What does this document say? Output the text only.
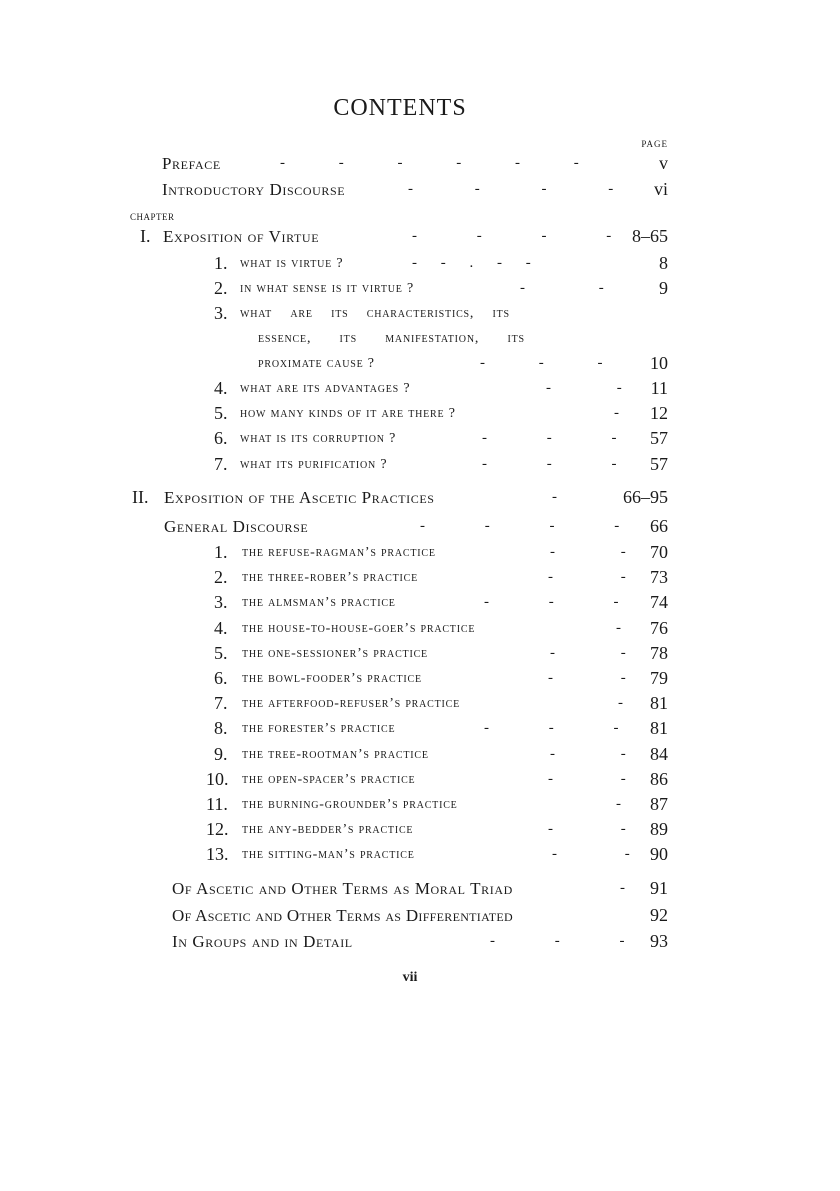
CONTENTS
PAGE
CHAPTER
Preface	- - - - - -	v
Introductory Discourse	- - - -	vi
I. Exposition of Virtue	- - - -	8–65
1. what is virtue ?	- - . - -	8
2. in what sense is it virtue ?	- -	9
3. what are its characteristics, its
essence, its manifestation, its
proximate cause ?	- - -	10
4. what are its advantages ?	- -	11
5. how many kinds of it are there ?	-	12
6. what is its corruption ?	- - -	57
7. what its purification ?	- - -	57
II. Exposition of the Ascetic Practices	-	66–95
General Discourse	- - - -	66
1. the refuse-ragman’s practice	- -	70
2. the three-rober’s practice	- -	73
3. the almsman’s practice	- - -	74
4. the house-to-house-goer’s practice	-	76
5. the one-sessioner’s practice	- -	78
6. the bowl-fooder’s practice	- -	79
7. the afterfood-refuser’s practice	-	81
8. the forester’s practice	- - -	81
9. the tree-rootman’s practice	- -	84
10. the open-spacer’s practice	- -	86
11. the burning-grounder’s practice	-	87
12. the any-bedder’s practice	- -	89
13. the sitting-man’s practice	- -	90
Of Ascetic and Other Terms as Moral Triad	-	91
Of Ascetic and Other Terms as Differentiated	92
In Groups and in Detail	- - -	93
vii
